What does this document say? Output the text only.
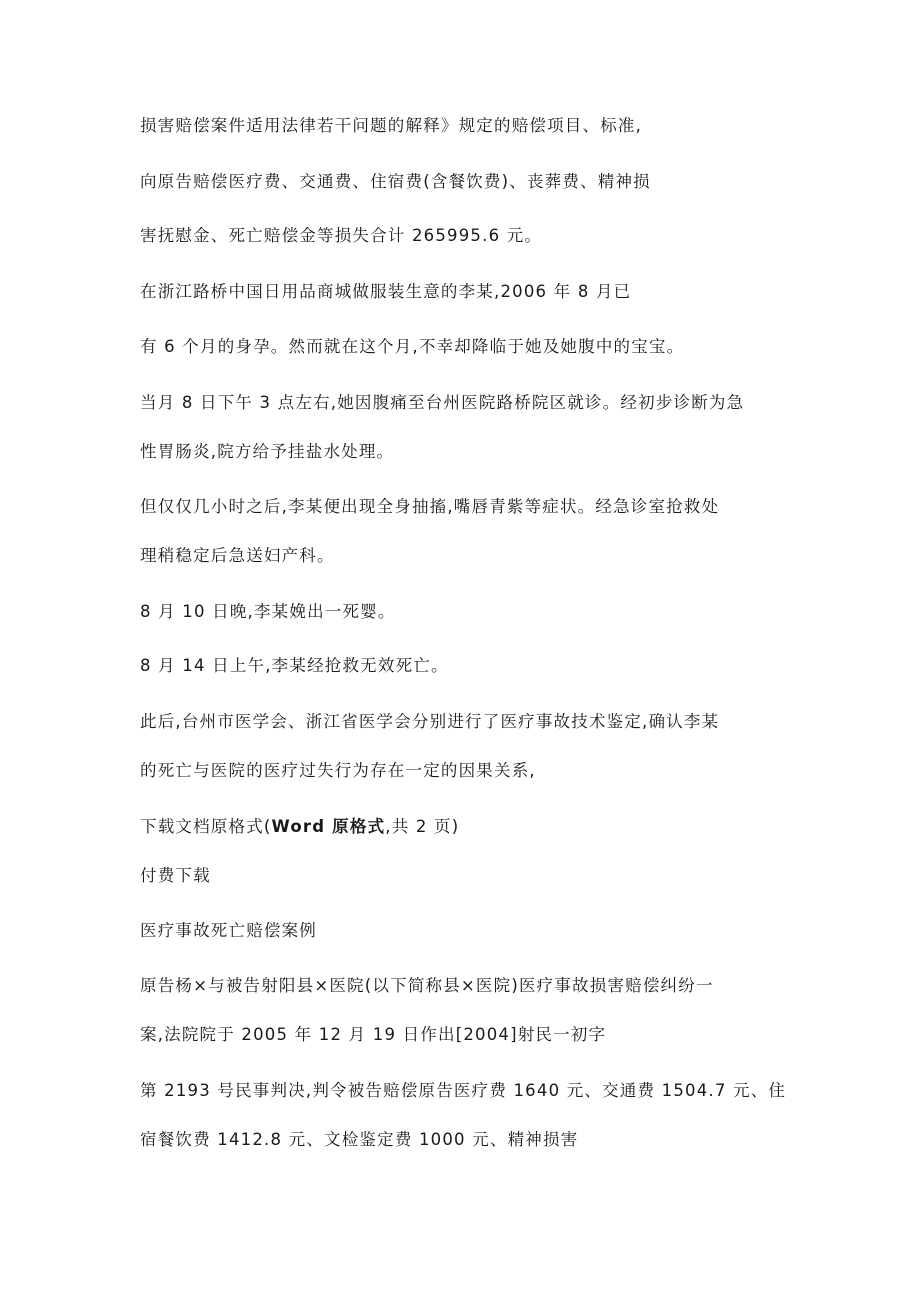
损害赔偿案件适用法律若干问题的解释》规定的赔偿项目、标准,
向原告赔偿医疗费、交通费、住宿费(含餐饮费)、丧葬费、精神损
害抚慰金、死亡赔偿金等损失合计 265995.6 元。
在浙江路桥中国日用品商城做服装生意的李某,2006 年 8 月已
有 6 个月的身孕。然而就在这个月,不幸却降临于她及她腹中的宝宝。
当月 8 日下午 3 点左右,她因腹痛至台州医院路桥院区就诊。经初步诊断为急
性胃肠炎,院方给予挂盐水处理。
但仅仅几小时之后,李某便出现全身抽搐,嘴唇青紫等症状。经急诊室抢救处
理稍稳定后急送妇产科。
8 月 10 日晚,李某娩出一死婴。
8 月 14 日上午,李某经抢救无效死亡。
此后,台州市医学会、浙江省医学会分别进行了医疗事故技术鉴定,确认李某
的死亡与医院的医疗过失行为存在一定的因果关系,
下载文档原格式(Word 原格式,共 2 页)
付费下载
医疗事故死亡赔偿案例
原告杨×与被告射阳县×医院(以下简称县×医院)医疗事故损害赔偿纠纷一
案,法院院于 2005 年 12 月 19 日作出[2004]射民一初字
第 2193 号民事判决,判令被告赔偿原告医疗费 1640 元、交通费 1504.7 元、住
宿餐饮费 1412.8 元、文检鉴定费 1000 元、精神损害
